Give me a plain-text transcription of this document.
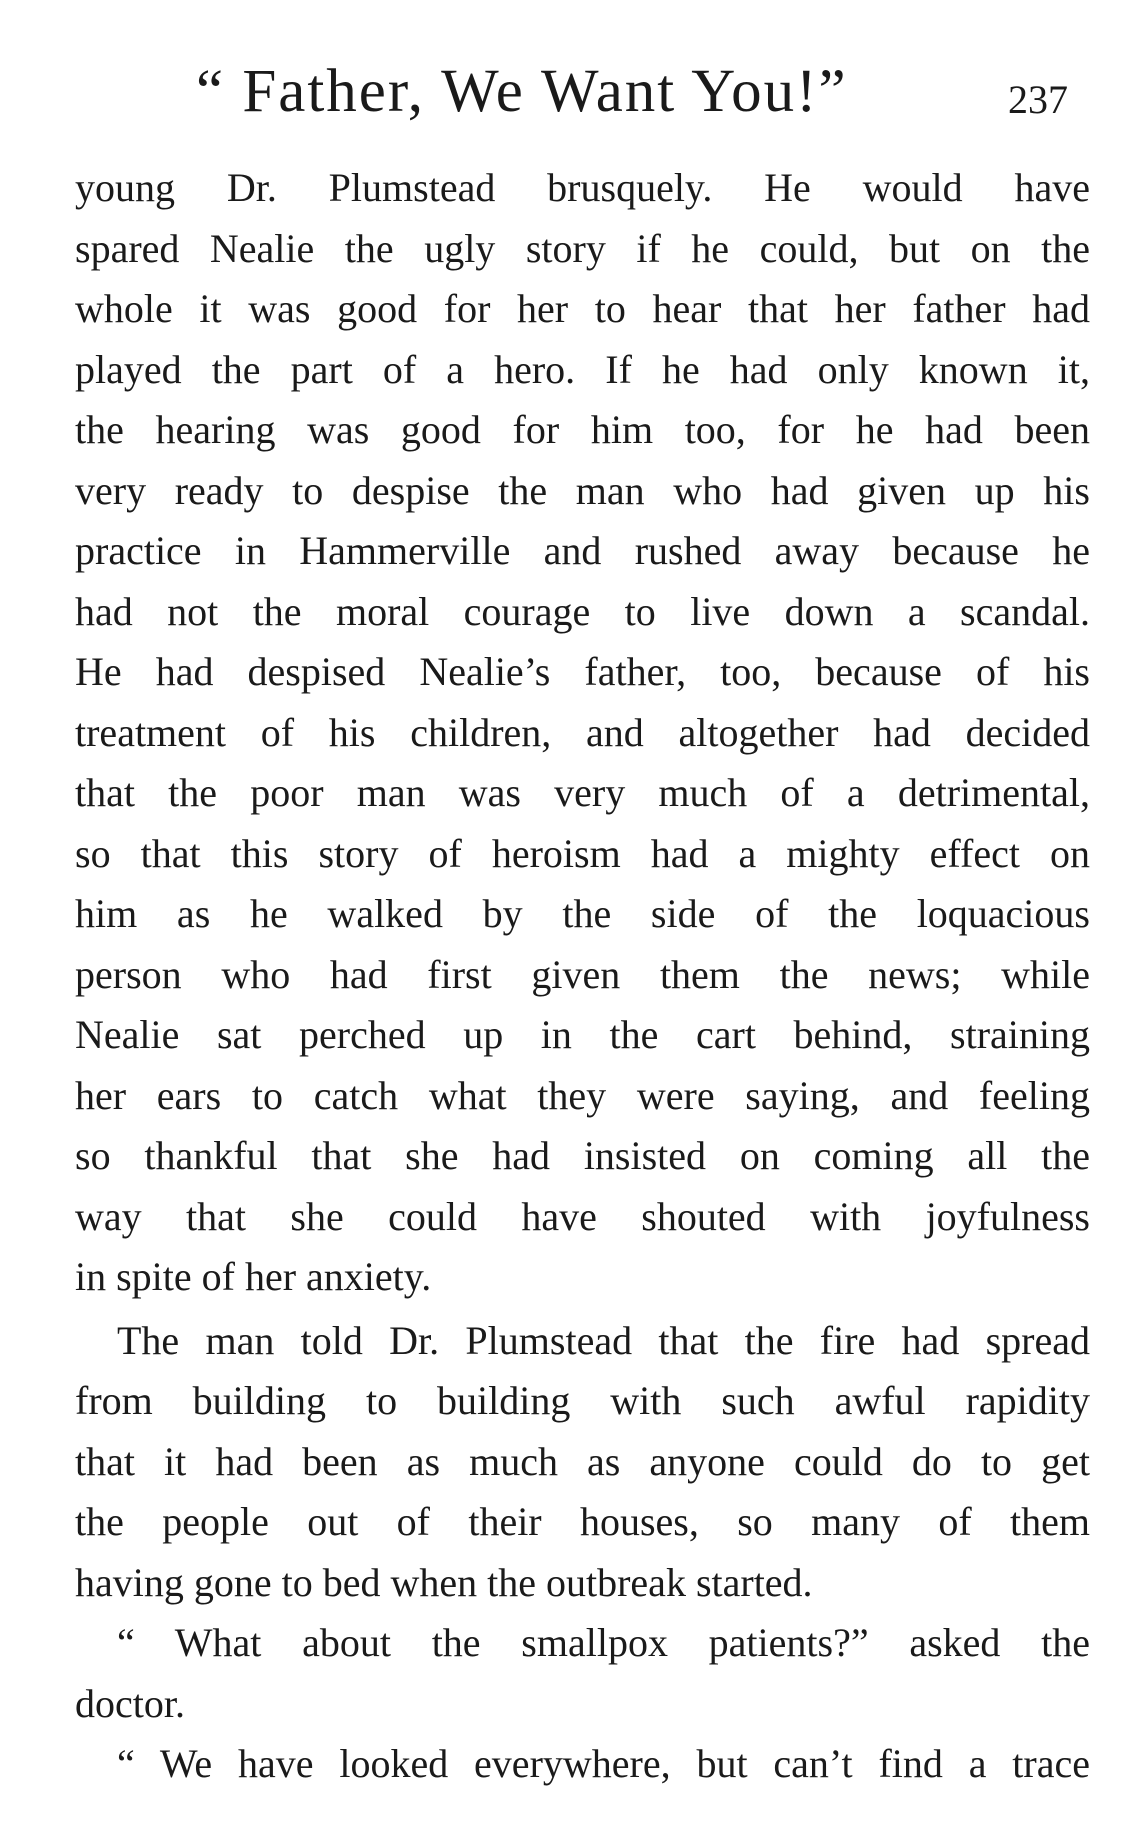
“ Father, We Want You!”	237
young Dr. Plumstead brusquely. He would have
spared Nealie the ugly story if he could, but on the
whole it was good for her to hear that her father had
played the part of a hero. If he had only known it,
the hearing was good for him too, for he had been
very ready to despise the man who had given up his
practice in Hammerville and rushed away because he
had not the moral courage to live down a scandal.
He had despised Nealie’s father, too, because of his
treatment of his children, and altogether had decided
that the poor man was very much of a detrimental,
so that this story of heroism had a mighty effect on
him as he walked by the side of the loquacious
person who had first given them the news; while
Nealie sat perched up in the cart behind, straining
her ears to catch what they were saying, and feeling
so thankful that she had insisted on coming all the
way that she could have shouted with joyfulness
in spite of her anxiety.
The man told Dr. Plumstead that the fire had spread
from building to building with such awful rapidity
that it had been as much as anyone could do to get
the people out of their houses, so many of them
having gone to bed when the outbreak started.
“ What about the smallpox patients?” asked the
doctor.
“ We have looked everywhere, but can’t find a trace
